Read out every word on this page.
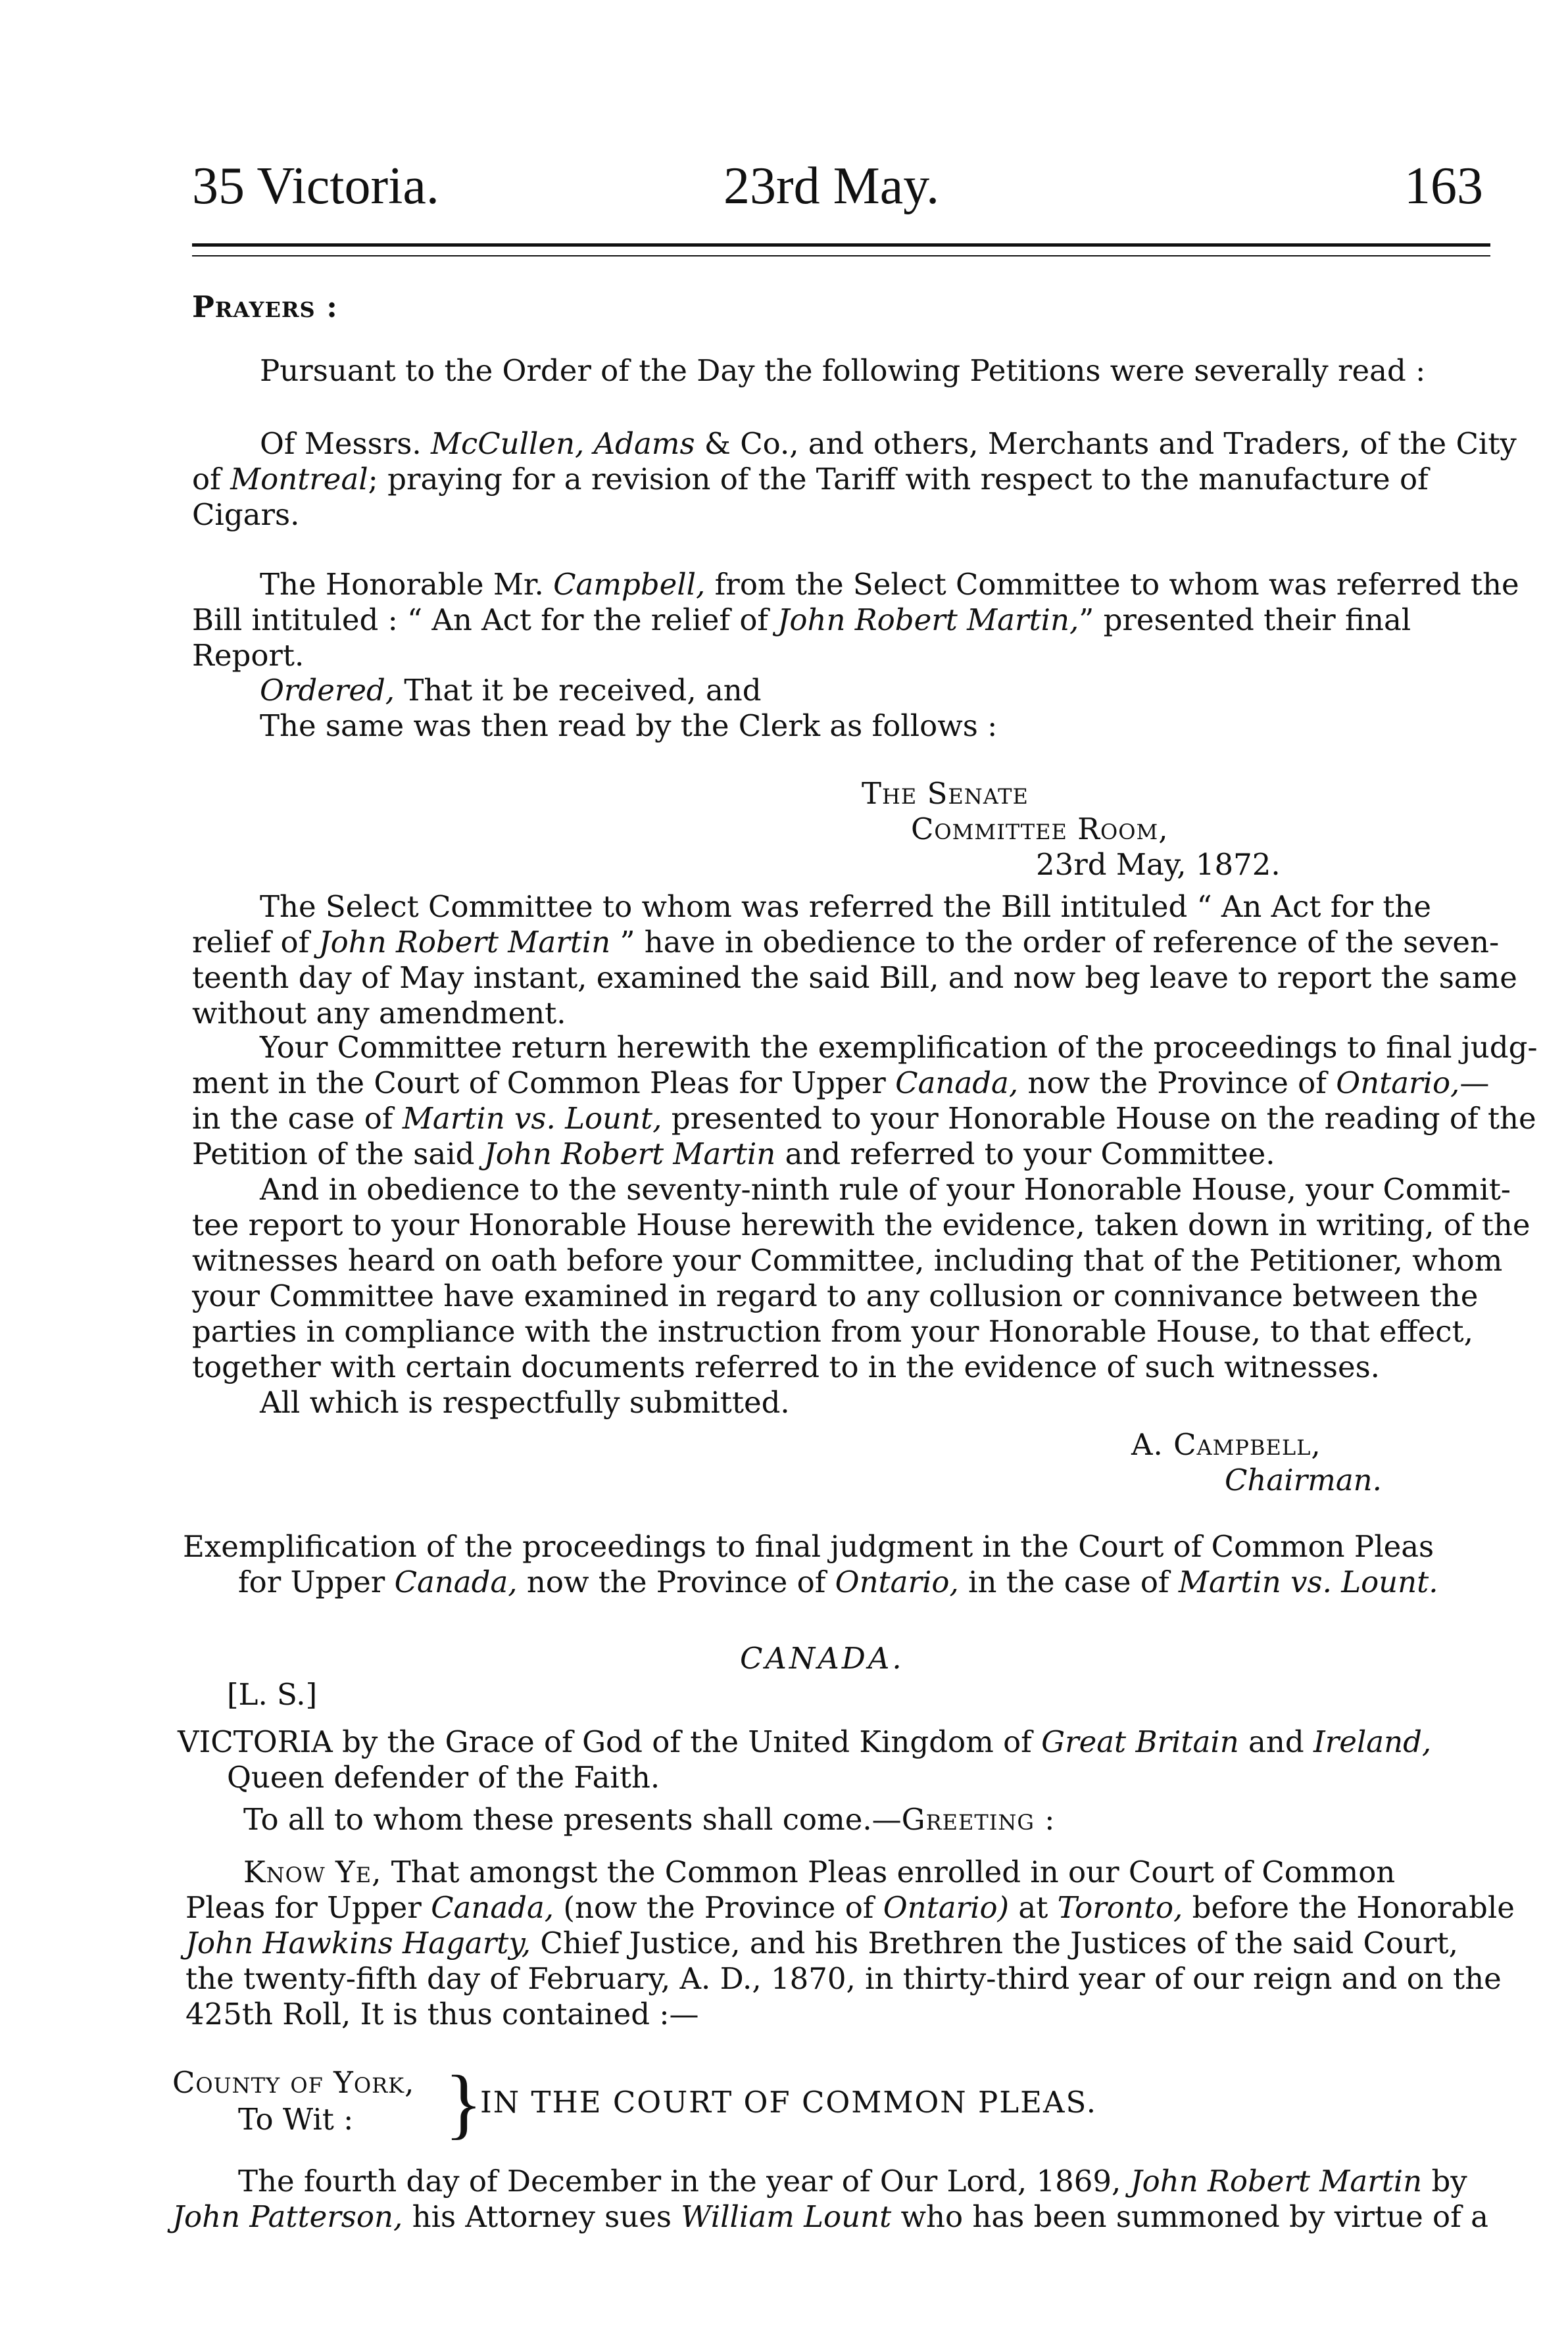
35 Victoria.	23rd May.	163
Prayers :
Pursuant to the Order of the Day the following Petitions were severally read :
Of Messrs. McCullen, Adams & Co., and others, Merchants and Traders, of the City
of Montreal; praying for a revision of the Tariff with respect to the manufacture of
Cigars.
The Honorable Mr. Campbell, from the Select Committee to whom was referred the
Bill intituled : “ An Act for the relief of John Robert Martin,” presented their final
Report.
Ordered, That it be received, and
The same was then read by the Clerk as follows :
The Senate
Committee Room,
23rd May, 1872.
The Select Committee to whom was referred the Bill intituled “ An Act for the
relief of John Robert Martin ” have in obedience to the order of reference of the seven-
teenth day of May instant, examined the said Bill, and now beg leave to report the same
without any amendment.
Your Committee return herewith the exemplification of the proceedings to final judg-
ment in the Court of Common Pleas for Upper Canada, now the Province of Ontario,—
in the case of Martin vs. Lount, presented to your Honorable House on the reading of the
Petition of the said John Robert Martin and referred to your Committee.
And in obedience to the seventy-ninth rule of your Honorable House, your Commit-
tee report to your Honorable House herewith the evidence, taken down in writing, of the
witnesses heard on oath before your Committee, including that of the Petitioner, whom
your Committee have examined in regard to any collusion or connivance between the
parties in compliance with the instruction from your Honorable House, to that effect,
together with certain documents referred to in the evidence of such witnesses.
All which is respectfully submitted.
A. Campbell,
Chairman.
Exemplification of the proceedings to final judgment in the Court of Common Pleas
for Upper Canada, now the Province of Ontario, in the case of Martin vs. Lount.
CANADA.
[L. S.]
VICTORIA by the Grace of God of the United Kingdom of Great Britain and Ireland,
Queen defender of the Faith.
To all to whom these presents shall come.—Greeting :
Know Ye, That amongst the Common Pleas enrolled in our Court of Common
Pleas for Upper Canada, (now the Province of Ontario) at Toronto, before the Honorable
John Hawkins Hagarty, Chief Justice, and his Brethren the Justices of the said Court,
the twenty-fifth day of February, A. D., 1870, in thirty-third year of our reign and on the
425th Roll, It is thus contained :—
County of York,
To Wit : }
IN THE COURT OF COMMON PLEAS.
The fourth day of December in the year of Our Lord, 1869, John Robert Martin by
John Patterson, his Attorney sues William Lount who has been summoned by virtue of a
